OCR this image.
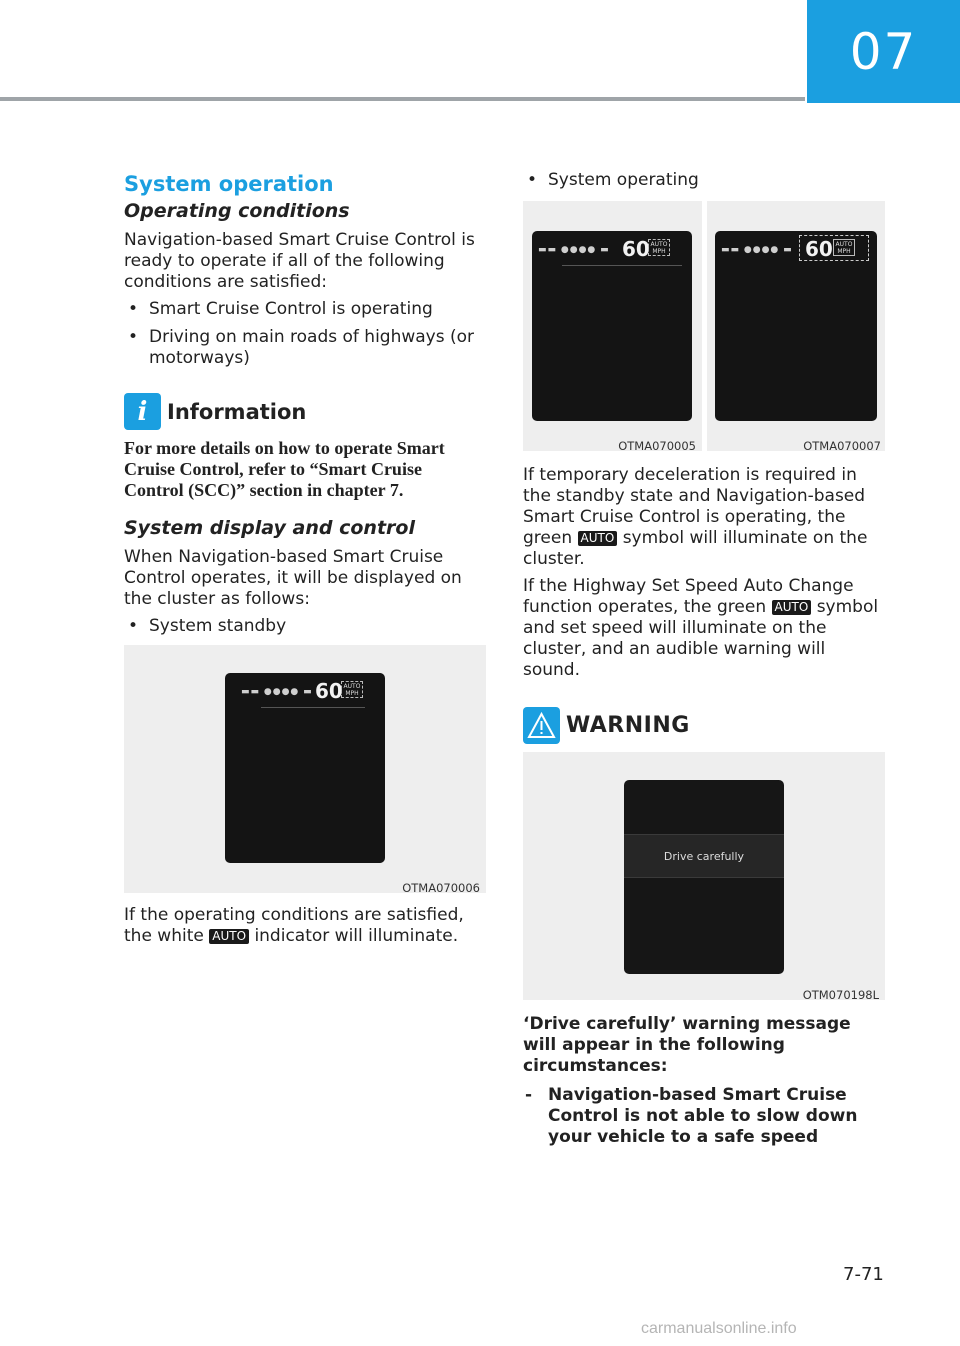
07
System operation
Operating conditions

Navigation-based Smart Cruise Control is ready to operate if all of the following conditions are satisfied:

• Smart Cruise Control is operating
• Driving on main roads of highways (or motorways)
i Information

For more details on how to operate Smart Cruise Control, refer to “Smart Cruise Control (SCC)” section in chapter 7.

System display and control

When Navigation-based Smart Cruise Control operates, it will be displayed on the cluster as follows:

• System standby
▬▬ ●●●● ▬ 60 AUTO
MPH
OTMA070006

If the operating conditions are satisfied, the white AUTO indicator will illuminate.

• System operating
▬▬ ●●●● ▬ 60 AUTO
MPH
OTMA070005
▬▬ ●●●● ▬ 60 AUTO
MPH
OTMA070007

If temporary deceleration is required in the standby state and Navigation-based Smart Cruise Control is operating, the green AUTO symbol will illuminate on the cluster.

If the Highway Set Speed Auto Change function operates, the green AUTO symbol and set speed will illuminate on the cluster, and an audible warning will sound.

WARNING
Drive carefully
OTM070198L

‘Drive carefully’ warning message will appear in the following circumstances:

- Navigation-based Smart Cruise Control is not able to slow down your vehicle to a safe speed
7-71
carmanualsonline.info
